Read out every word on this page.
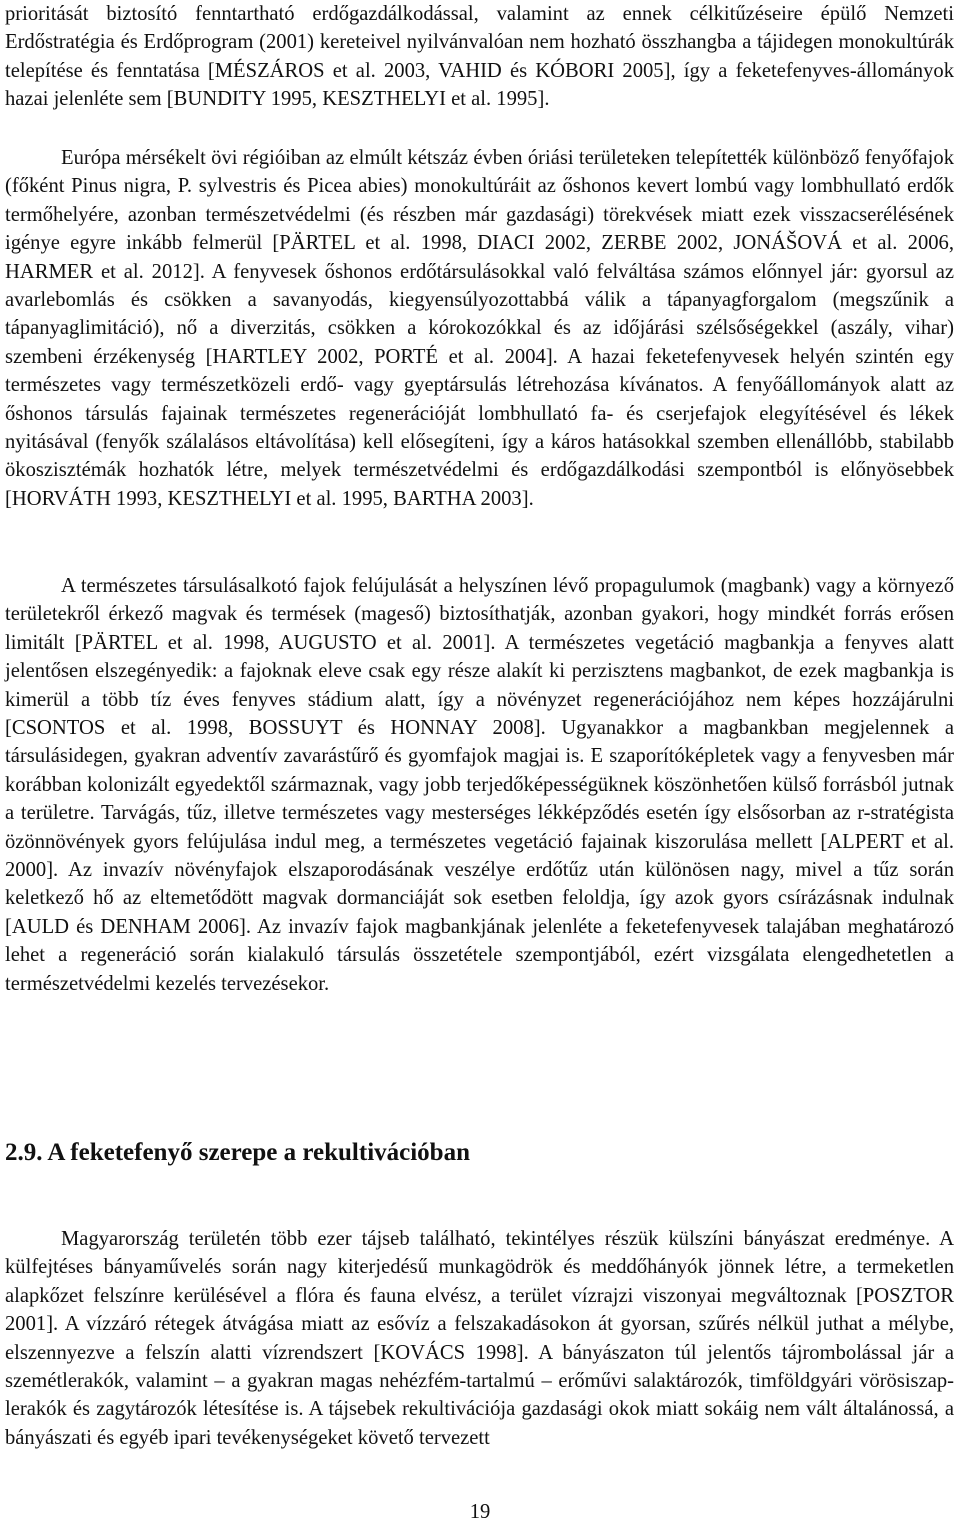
prioritását biztosító fenntartható erdőgazdálkodással, valamint az ennek célkitűzéseire épülő Nemzeti Erdőstratégia és Erdőprogram (2001) kereteivel nyilvánvalóan nem hozható összhangba a tájidegen monokultúrák telepítése és fenntatása [MÉSZÁROS et al. 2003, VAHID és KÓBORI 2005], így a feketefenyves-állományok hazai jelenléte sem [BUNDITY 1995, KESZTHELYI et al. 1995].

Európa mérsékelt övi régióiban az elmúlt kétszáz évben óriási területeken telepítették különböző fenyőfajok (főként Pinus nigra, P. sylvestris és Picea abies) monokultúráit az őshonos kevert lombú vagy lombhullató erdők termőhelyére, azonban természetvédelmi (és részben már gazdasági) törekvések miatt ezek visszacserélésének igénye egyre inkább felmerül [PÄRTEL et al. 1998, DIACI 2002, ZERBE 2002, JONÁŠOVÁ et al. 2006, HARMER et al. 2012]. A fenyvesek őshonos erdőtársulásokkal való felváltása számos előnnyel jár: gyorsul az avarlebomlás és csökken a savanyodás, kiegyensúlyozottabbá válik a tápanyagforgalom (megszűnik a tápanyaglimitáció), nő a diverzitás, csökken a kórokozókkal és az időjárási szélsőségekkel (aszály, vihar) szembeni érzékenység [HARTLEY 2002, PORTÉ et al. 2004]. A hazai feketefenyvesek helyén szintén egy természetes vagy természetközeli erdő- vagy gyeptársulás létrehozása kívánatos. A fenyőállományok alatt az őshonos társulás fajainak természetes regenerációját lombhullató fa- és cserjefajok elegyítésével és lékek nyitásával (fenyők szálalásos eltávolítása) kell elősegíteni, így a káros hatásokkal szemben ellenállóbb, stabilabb ökoszisztémák hozhatók létre, melyek természetvédelmi és erdőgazdálkodási szempontból is előnyösebbek [HORVÁTH 1993, KESZTHELYI et al. 1995, BARTHA 2003].

A természetes társulásalkotó fajok felújulását a helyszínen lévő propagulumok (magbank) vagy a környező területekről érkező magvak és termések (mageső) biztosíthatják, azonban gyakori, hogy mindkét forrás erősen limitált [PÄRTEL et al. 1998, AUGUSTO et al. 2001]. A természetes vegetáció magbankja a fenyves alatt jelentősen elszegényedik: a fajoknak eleve csak egy része alakít ki perzisztens magbankot, de ezek magbankja is kimerül a több tíz éves fenyves stádium alatt, így a növényzet regenerációjához nem képes hozzájárulni [CSONTOS et al. 1998, BOSSUYT és HONNAY 2008]. Ugyanakkor a magbankban megjelennek a társulásidegen, gyakran adventív zavarástűrő és gyomfajok magjai is. E szaporítóképletek vagy a fenyvesben már korábban kolonizált egyedektől származnak, vagy jobb terjedőképességüknek köszönhetően külső forrásból jutnak a területre. Tarvágás, tűz, illetve természetes vagy mesterséges lékképződés esetén így elsősorban az r-stratégista özönnövények gyors felújulása indul meg, a természetes vegetáció fajainak kiszorulása mellett [ALPERT et al. 2000]. Az invazív növényfajok elszaporodásának veszélye erdőtűz után különösen nagy, mivel a tűz során keletkező hő az eltemetődött magvak dormanciáját sok esetben feloldja, így azok gyors csírázásnak indulnak [AULD és DENHAM 2006]. Az invazív fajok magbankjának jelenléte a feketefenyvesek talajában meghatározó lehet a regeneráció során kialakuló társulás összetétele szempontjából, ezért vizsgálata elengedhetetlen a természetvédelmi kezelés tervezésekor.

2.9. A feketefenyő szerepe a rekultivációban

Magyarország területén több ezer tájseb található, tekintélyes részük külszíni bányászat eredménye. A külfejtéses bányaművelés során nagy kiterjedésű munkagödrök és meddőhányók jönnek létre, a termeketlen alapkőzet felszínre kerülésével a flóra és fauna elvész, a terület vízrajzi viszonyai megváltoznak [POSZTOR 2001]. A vízzáró rétegek átvágása miatt az esővíz a felszakadásokon át gyorsan, szűrés nélkül juthat a mélybe, elszennyezve a felszín alatti vízrendszert [KOVÁCS 1998]. A bányászaton túl jelentős tájrombolással jár a szemétlerakók, valamint – a gyakran magas nehézfém-tartalmú – erőművi salaktározók, timföldgyári vörösiszap-lerakók és zagytározók létesítése is. A tájsebek rekultivációja gazdasági okok miatt sokáig nem vált általánossá, a bányászati és egyéb ipari tevékenységeket követő tervezett

19
